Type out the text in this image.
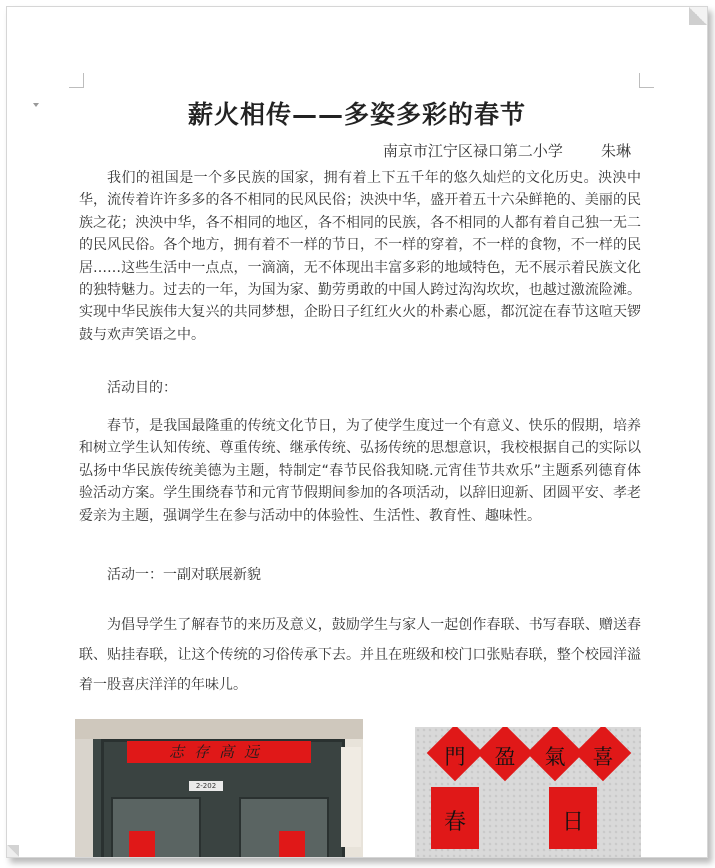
薪火相传——多姿多彩的春节
南京市江宁区禄口第二小学        朱琳

我们的祖国是一个多民族的国家，拥有着上下五千年的悠久灿烂的文化历史。泱泱中华，流传着许许多多的各不相同的民风民俗；泱泱中华，盛开着五十六朵鲜艳的、美丽的民族之花；泱泱中华，各不相同的地区，各不相同的民族，各不相同的人都有着自己独一无二的民风民俗。各个地方，拥有着不一样的节日，不一样的穿着，不一样的食物，不一样的民居……这些生活中一点点，一滴滴，无不体现出丰富多彩的地域特色，无不展示着民族文化的独特魅力。过去的一年，为国为家、勤劳勇敢的中国人跨过沟沟坎坎，也越过激流险滩。实现中华民族伟大复兴的共同梦想，企盼日子红红火火的朴素心愿，都沉淀在春节这喧天锣鼓与欢声笑语之中。

活动目的：

春节，是我国最隆重的传统文化节日，为了使学生度过一个有意义、快乐的假期，培养和树立学生认知传统、尊重传统、继承传统、弘扬传统的思想意识，我校根据自己的实际以弘扬中华民族传统美德为主题，特制定“春节民俗我知晓.元宵佳节共欢乐”主题系列德育体验活动方案。学生围绕春节和元宵节假期间参加的各项活动，以辞旧迎新、团圆平安、孝老爱亲为主题，强调学生在参与活动中的体验性、生活性、教育性、趣味性。

活动一：一副对联展新貌

为倡导学生了解春节的来历及意义，鼓励学生与家人一起创作春联、书写春联、赠送春联、贴挂春联，让这个传统的习俗传承下去。并且在班级和校门口张贴春联，整个校园洋溢着一股喜庆洋洋的年味儿。

志存高远
2-202
門	盈	氣	喜
春	日
